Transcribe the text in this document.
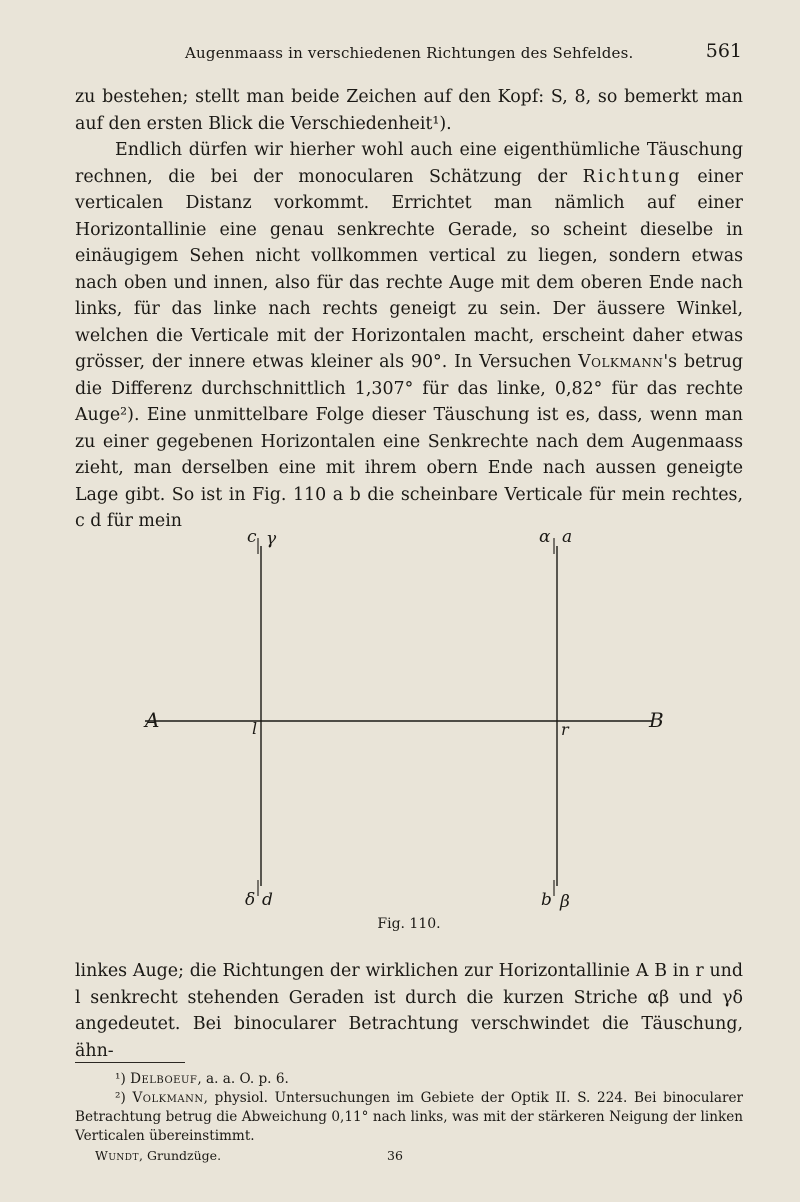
Augenmaass in verschiedenen Richtungen des Sehfeldes.	561

zu bestehen; stellt man beide Zeichen auf den Kopf: S, 8, so bemerkt man auf den ersten Blick die Verschiedenheit¹).

Endlich dürfen wir hierher wohl auch eine eigenthümliche Täuschung rechnen, die bei der monocularen Schätzung der Richtung einer verticalen Distanz vorkommt. Errichtet man nämlich auf einer Horizontallinie eine genau senkrechte Gerade, so scheint dieselbe in einäugigem Sehen nicht vollkommen vertical zu liegen, sondern etwas nach oben und innen, also für das rechte Auge mit dem oberen Ende nach links, für das linke nach rechts geneigt zu sein. Der äussere Winkel, welchen die Verticale mit der Horizontalen macht, erscheint daher etwas grösser, der innere etwas kleiner als 90°. In Versuchen Volkmann's betrug die Differenz durchschnittlich 1,307° für das linke, 0,82° für das rechte Auge²). Eine unmittelbare Folge dieser Täuschung ist es, dass, wenn man zu einer gegebenen Horizontalen eine Senkrechte nach dem Augenmaass zieht, man derselben eine mit ihrem obern Ende nach aussen geneigte Lage gibt. So ist in Fig. 110 a b die scheinbare Verticale für mein rechtes, c d für mein

c γ	α a
A	l	r	B
δ d	b β
Fig. 110.

linkes Auge; die Richtungen der wirklichen zur Horizontallinie A B in r und l senkrecht stehenden Geraden ist durch die kurzen Striche αβ und γδ angedeutet. Bei binocularer Betrachtung verschwindet die Täuschung, ähn-

¹) Delboeuf, a. a. O. p. 6.

²) Volkmann, physiol. Untersuchungen im Gebiete der Optik II. S. 224. Bei binocularer Betrachtung betrug die Abweichung 0,11° nach links, was mit der stärkeren Neigung der linken Verticalen übereinstimmt.

Wundt, Grundzüge.	36
